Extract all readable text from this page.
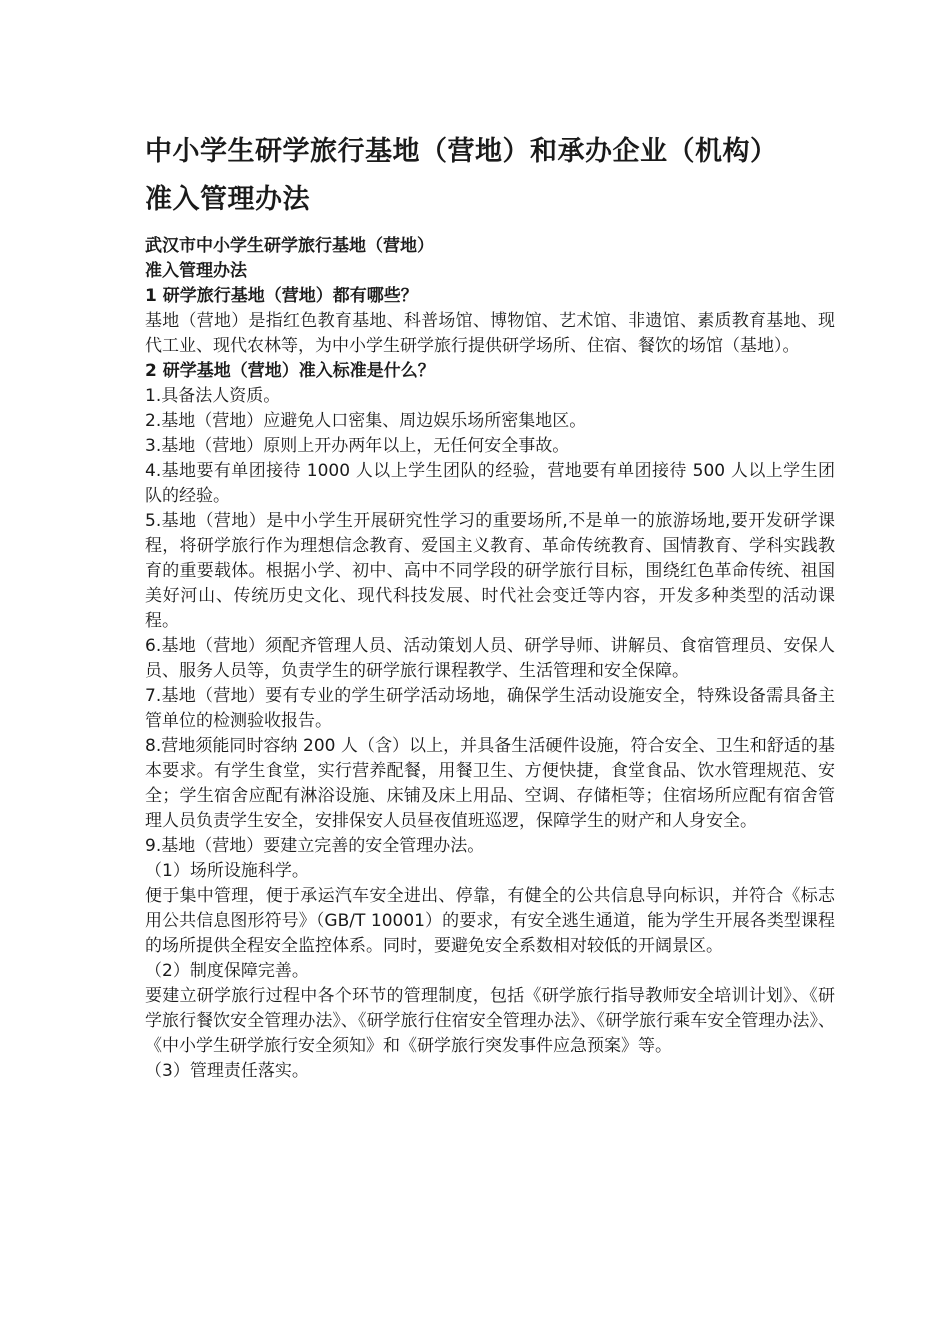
中小学生研学旅行基地（营地）和承办企业（机构）
准入管理办法

武汉市中小学生研学旅行基地（营地）

准入管理办法

1 研学旅行基地（营地）都有哪些？

基地（营地）是指红色教育基地、科普场馆、博物馆、艺术馆、非遗馆、素质教育基地、现代工业、现代农林等，为中小学生研学旅行提供研学场所、住宿、餐饮的场馆（基地）。

2 研学基地（营地）准入标准是什么？

1.具备法人资质。

2.基地（营地）应避免人口密集、周边娱乐场所密集地区。

3.基地（营地）原则上开办两年以上，无任何安全事故。

4.基地要有单团接待 1000 人以上学生团队的经验，营地要有单团接待 500 人以上学生团队的经验。

5.基地（营地）是中小学生开展研究性学习的重要场所,不是单一的旅游场地,要开发研学课程，将研学旅行作为理想信念教育、爱国主义教育、革命传统教育、国情教育、学科实践教育的重要载体。根据小学、初中、高中不同学段的研学旅行目标，围绕红色革命传统、祖国美好河山、传统历史文化、现代科技发展、时代社会变迁等内容，开发多种类型的活动课程。

6.基地（营地）须配齐管理人员、活动策划人员、研学导师、讲解员、食宿管理员、安保人员、服务人员等，负责学生的研学旅行课程教学、生活管理和安全保障。

7.基地（营地）要有专业的学生研学活动场地，确保学生活动设施安全，特殊设备需具备主管单位的检测验收报告。

8.营地须能同时容纳 200 人（含）以上，并具备生活硬件设施，符合安全、卫生和舒适的基本要求。有学生食堂，实行营养配餐，用餐卫生、方便快捷，食堂食品、饮水管理规范、安全；学生宿舍应配有淋浴设施、床铺及床上用品、空调、存储柜等；住宿场所应配有宿舍管理人员负责学生安全，安排保安人员昼夜值班巡逻，保障学生的财产和人身安全。

9.基地（营地）要建立完善的安全管理办法。

（1）场所设施科学。

便于集中管理，便于承运汽车安全进出、停靠，有健全的公共信息导向标识，并符合《标志用公共信息图形符号》（GB/T 10001）的要求，有安全逃生通道，能为学生开展各类型课程的场所提供全程安全监控体系。同时，要避免安全系数相对较低的开阔景区。

（2）制度保障完善。

要建立研学旅行过程中各个环节的管理制度，包括《研学旅行指导教师安全培训计划》、《研学旅行餐饮安全管理办法》、《研学旅行住宿安全管理办法》、《研学旅行乘车安全管理办法》、《中小学生研学旅行安全须知》和《研学旅行突发事件应急预案》等。

（3）管理责任落实。
